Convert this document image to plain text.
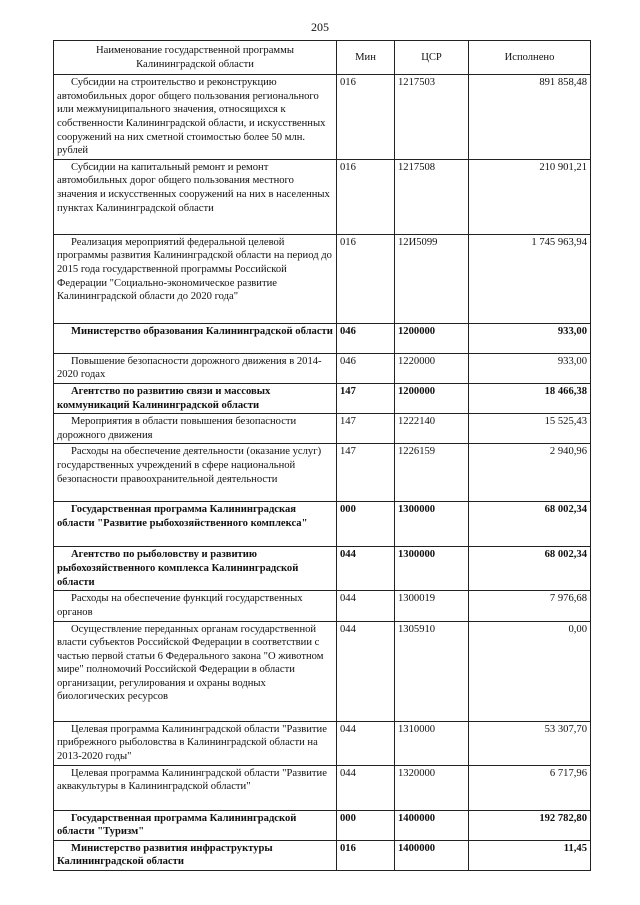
205
Наименование государственной программы Калининградской области	Мин	ЦСР	Исполнено
Субсидии на строительство и реконструкцию автомобильных дорог общего пользования регионального или межмуниципального значения, относящихся к собственности Калининградской области, и искусственных сооружений на них сметной стоимостью более 50 млн. рублей	016	1217503	891 858,48
Субсидии на капитальный ремонт и ремонт автомобильных дорог общего пользования местного значения и искусственных сооружений на них в населенных пунктах Калининградской области	016	1217508	210 901,21
Реализация мероприятий федеральной целевой программы развития Калининградской области на период до 2015 года государственной программы Российской Федерации "Социально-экономическое развитие Калининградской области до 2020 года"	016	12И5099	1 745 963,94
Министерство образования Калининградской области	046	1200000	933,00
Повышение безопасности дорожного движения в 2014-2020 годах	046	1220000	933,00
Агентство по развитию связи и массовых коммуникаций Калининградской области	147	1200000	18 466,38
Мероприятия в области повышения безопасности дорожного движения	147	1222140	15 525,43
Расходы на обеспечение деятельности (оказание услуг) государственных учреждений в сфере национальной безопасности правоохранительной деятельности	147	1226159	2 940,96
Государственная программа Калининградская области "Развитие рыбохозяйственного комплекса"	000	1300000	68 002,34
Агентство по рыболовству и развитию рыбохозяйственного комплекса Калининградской области	044	1300000	68 002,34
Расходы на обеспечение функций государственных органов	044	1300019	7 976,68
Осуществление переданных органам государственной власти субъектов Российской Федерации в соответствии с частью первой статьи 6 Федерального закона "О животном мире" полномочий Российской Федерации в области организации, регулирования и охраны водных биологических ресурсов	044	1305910	0,00
Целевая программа Калининградской области "Развитие прибрежного рыболовства в Калининградской области на 2013-2020 годы"	044	1310000	53 307,70
Целевая программа Калининградской области "Развитие аквакультуры в Калининградской области"	044	1320000	6 717,96
Государственная программа Калининградской области "Туризм"	000	1400000	192 782,80
Министерство развития инфраструктуры Калининградской области	016	1400000	11,45
